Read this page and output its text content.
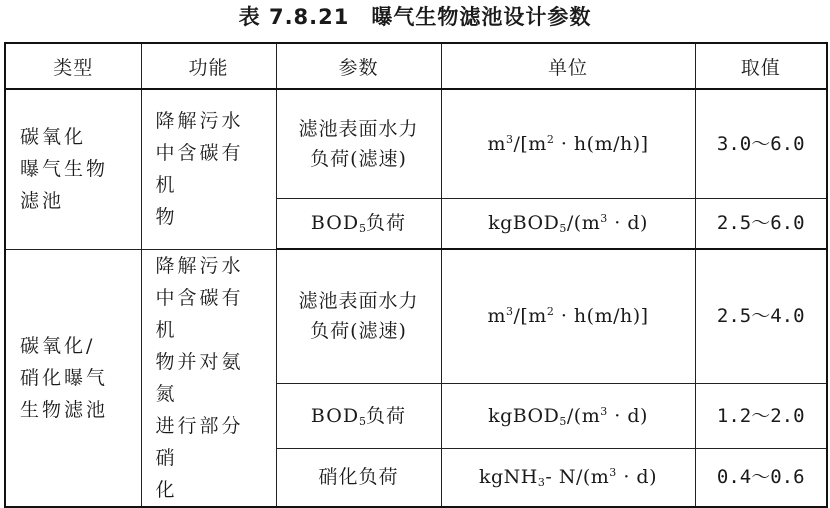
表 7.8.21 曝气生物滤池设计参数
类型	功能	参数	单位	取值

碳氧化
曝气生物
滤池	降解污水
中含碳有机
物	滤池表面水力
负荷(滤速)	$m^3/[m^2 \cdot h(m/h)]$	3.0～6.0
		$BOD_5$负荷	$kgBOD_5/(m^3 \cdot d)$	2.5～6.0

碳氧化/
硝化曝气
生物滤池	降解污水
中含碳有机
物并对氨氮
进行部分硝
化	滤池表面水力
负荷(滤速)	$m^3/[m^2 \cdot h(m/h)]$	2.5～4.0
		$BOD_5$负荷	$kgBOD_5/(m^3 \cdot d)$	1.2～2.0
		硝化负荷	kgNH$_3$- $N/(m^3 \cdot d)$	0.4～0.6
